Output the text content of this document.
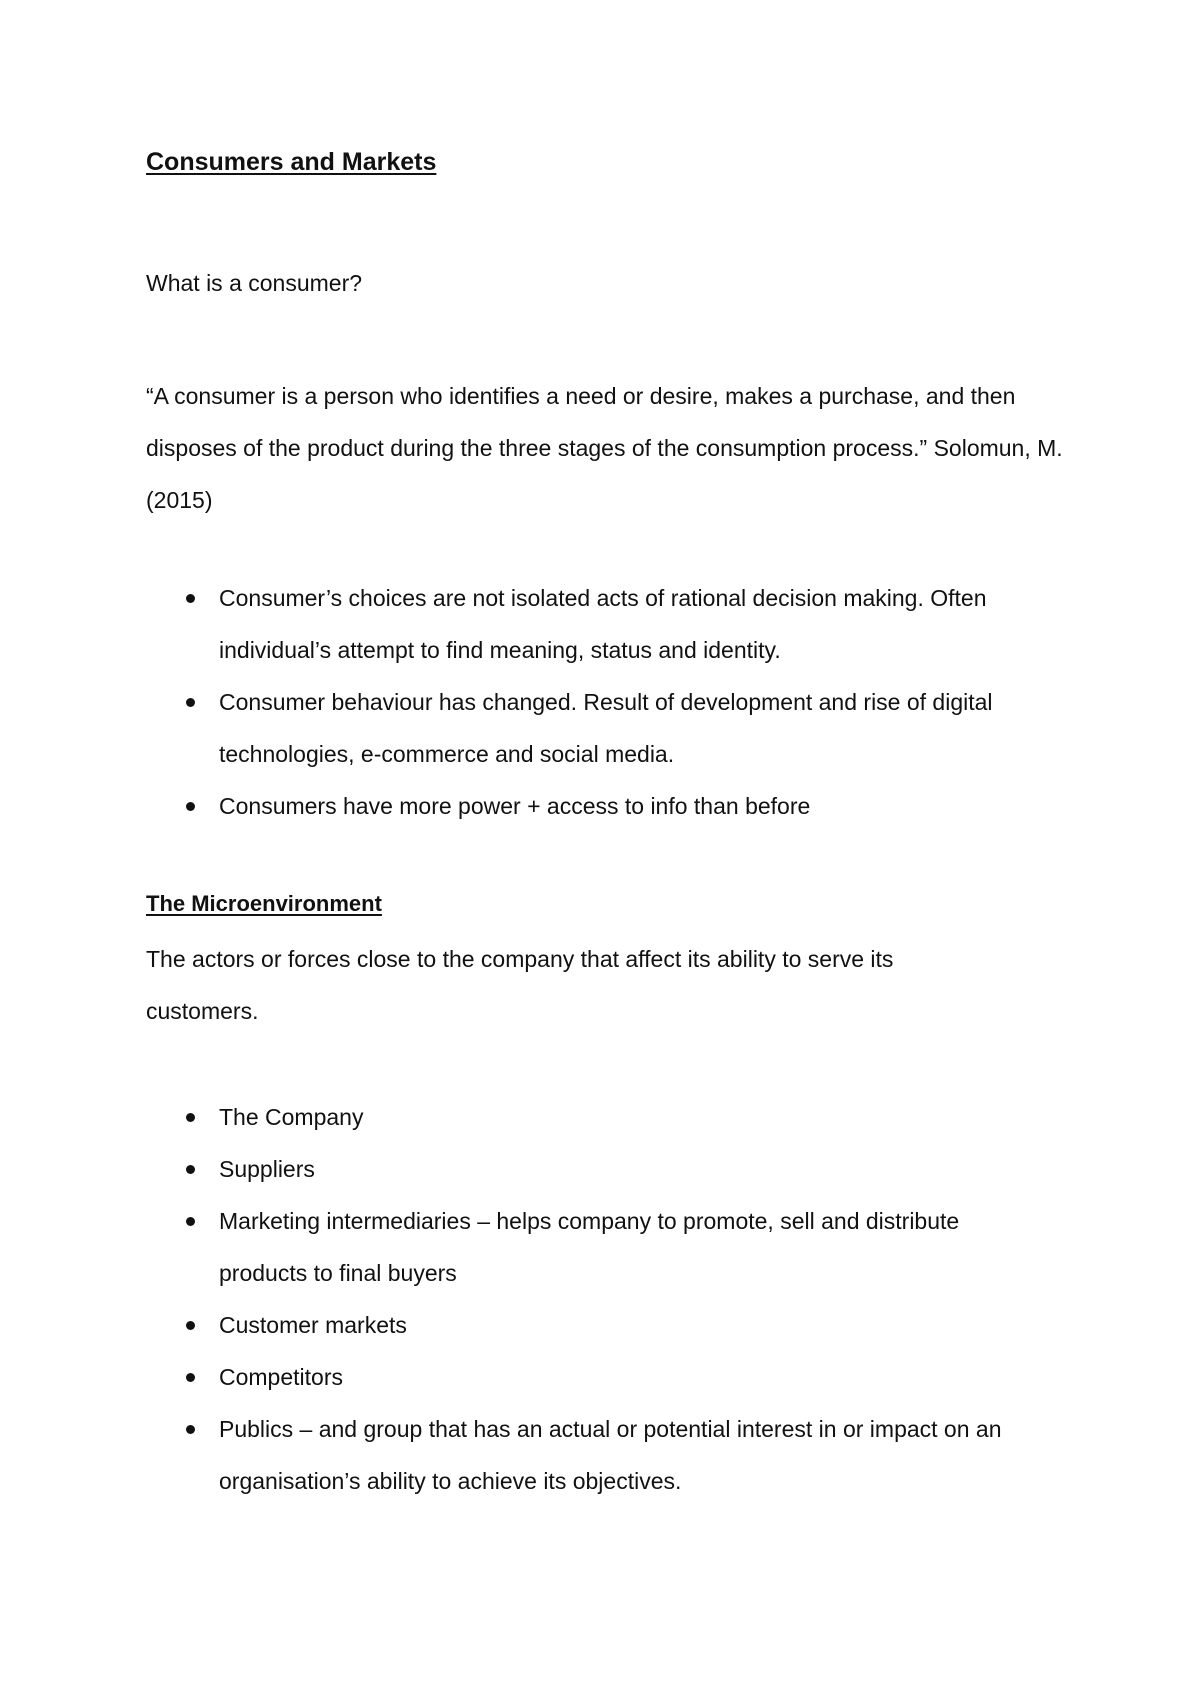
Consumers and Markets
What is a consumer?
“A consumer is a person who identifies a need or desire, makes a purchase, and then disposes of the product during the three stages of the consumption process.” Solomun, M. (2015)
Consumer’s choices are not isolated acts of rational decision making. Often individual’s attempt to find meaning, status and identity.
Consumer behaviour has changed. Result of development and rise of digital technologies, e-commerce and social media.
Consumers have more power + access to info than before
The Microenvironment
The actors or forces close to the company that affect its ability to serve its customers.
The Company
Suppliers
Marketing intermediaries – helps company to promote, sell and distribute products to final buyers
Customer markets
Competitors
Publics – and group that has an actual or potential interest in or impact on an organisation’s ability to achieve its objectives.
